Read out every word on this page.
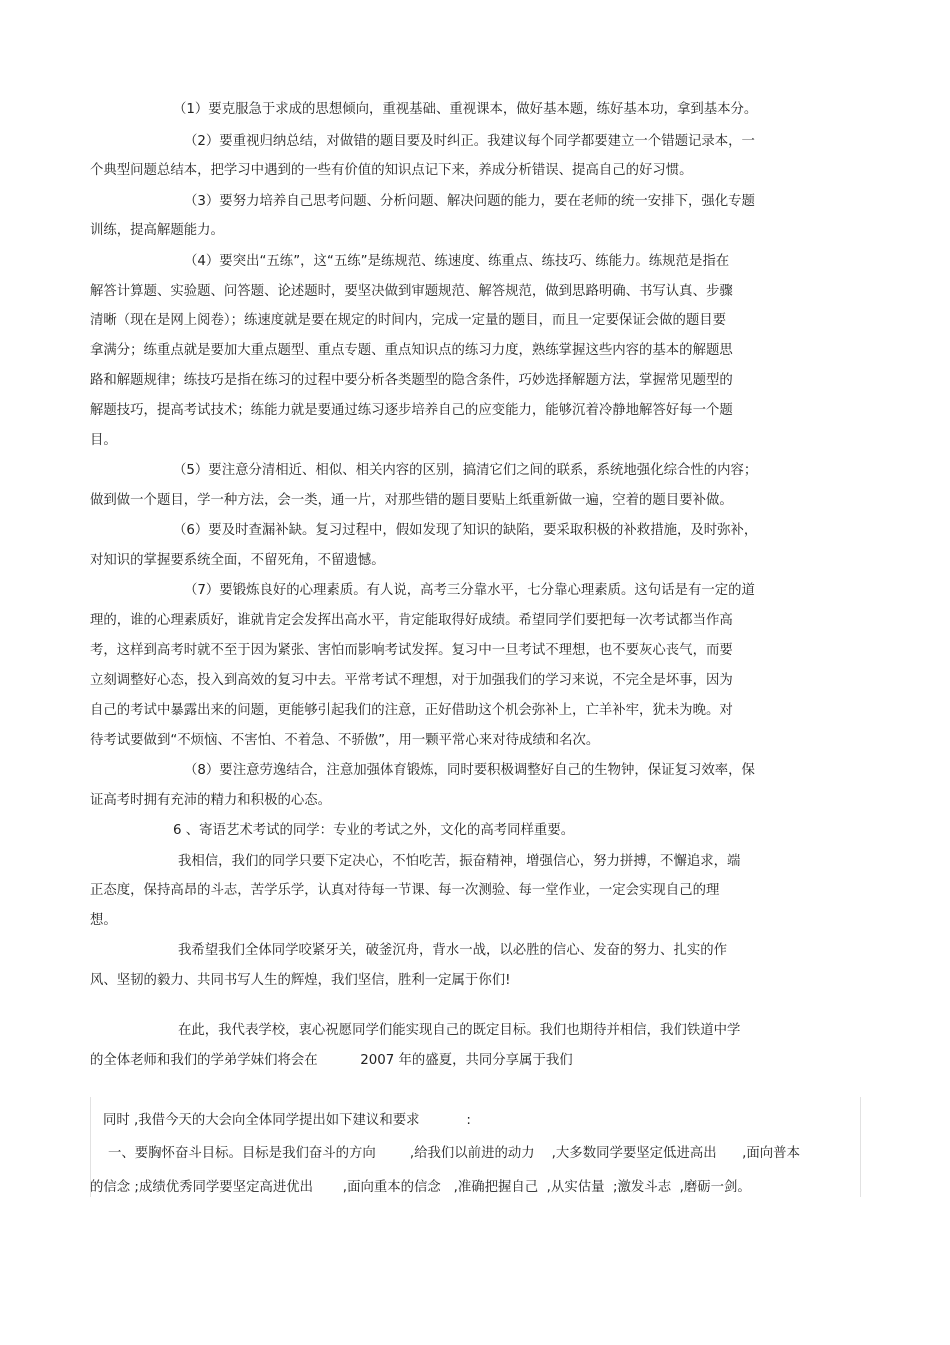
（1）要克服急于求成的思想倾向，重视基础、重视课本，做好基本题，练好基本功，拿到基本分。
（2）要重视归纳总结，对做错的题目要及时纠正。我建议每个同学都要建立一个错题记录本，一
个典型问题总结本，把学习中遇到的一些有价值的知识点记下来，养成分析错误、提高自己的好习惯。
（3）要努力培养自己思考问题、分析问题、解决问题的能力，要在老师的统一安排下，强化专题
训练，提高解题能力。
（4）要突出“五练”，这“五练”是练规范、练速度、练重点、练技巧、练能力。练规范是指在
解答计算题、实验题、问答题、论述题时，要坚决做到审题规范、解答规范，做到思路明确、书写认真、步骤
清晰（现在是网上阅卷）；练速度就是要在规定的时间内，完成一定量的题目，而且一定要保证会做的题目要
拿满分；练重点就是要加大重点题型、重点专题、重点知识点的练习力度，熟练掌握这些内容的基本的解题思
路和解题规律；练技巧是指在练习的过程中要分析各类题型的隐含条件，巧妙选择解题方法，掌握常见题型的
解题技巧，提高考试技术；练能力就是要通过练习逐步培养自己的应变能力，能够沉着冷静地解答好每一个题
目。
（5）要注意分清相近、相似、相关内容的区别，搞清它们之间的联系，系统地强化综合性的内容；
做到做一个题目，学一种方法，会一类，通一片，对那些错的题目要贴上纸重新做一遍，空着的题目要补做。
（6）要及时查漏补缺。复习过程中，假如发现了知识的缺陷，要采取积极的补救措施，及时弥补，
对知识的掌握要系统全面，不留死角，不留遗憾。
（7）要锻炼良好的心理素质。有人说，高考三分靠水平，七分靠心理素质。这句话是有一定的道
理的，谁的心理素质好，谁就肯定会发挥出高水平，肯定能取得好成绩。希望同学们要把每一次考试都当作高
考，这样到高考时就不至于因为紧张、害怕而影响考试发挥。复习中一旦考试不理想，也不要灰心丧气，而要
立刻调整好心态，投入到高效的复习中去。平常考试不理想，对于加强我们的学习来说，不完全是坏事，因为
自己的考试中暴露出来的问题，更能够引起我们的注意，正好借助这个机会弥补上，亡羊补牢，犹未为晚。对
待考试要做到“不烦恼、不害怕、不着急、不骄傲”，用一颗平常心来对待成绩和名次。
（8）要注意劳逸结合，注意加强体育锻炼，同时要积极调整好自己的生物钟，保证复习效率，保
证高考时拥有充沛的精力和积极的心态。
6 、寄语艺术考试的同学：专业的考试之外，文化的高考同样重要。
我相信，我们的同学只要下定决心，不怕吃苦，振奋精神，增强信心，努力拼搏，不懈追求，端
正态度，保持高昂的斗志，苦学乐学，认真对待每一节课、每一次测验、每一堂作业，一定会实现自己的理
想。
我希望我们全体同学咬紧牙关，破釜沉舟，背水一战，以必胜的信心、发奋的努力、扎实的作
风、坚韧的毅力、共同书写人生的辉煌，我们坚信，胜利一定属于你们!
在此，我代表学校，衷心祝愿同学们能实现自己的既定目标。我们也期待并相信，我们铁道中学
的全体老师和我们的学弟学妹们将会在          2007 年的盛夏，共同分享属于我们
同时 ,我借今天的大会向全体同学提出如下建议和要求           :
一、要胸怀奋斗目标。目标是我们奋斗的方向        ,给我们以前进的动力    ,大多数同学要坚定低进高出      ,面向普本
的信念 ;成绩优秀同学要坚定高进优出       ,面向重本的信念   ,准确把握自己  ,从实估量  ;激发斗志  ,磨砺一剑。
